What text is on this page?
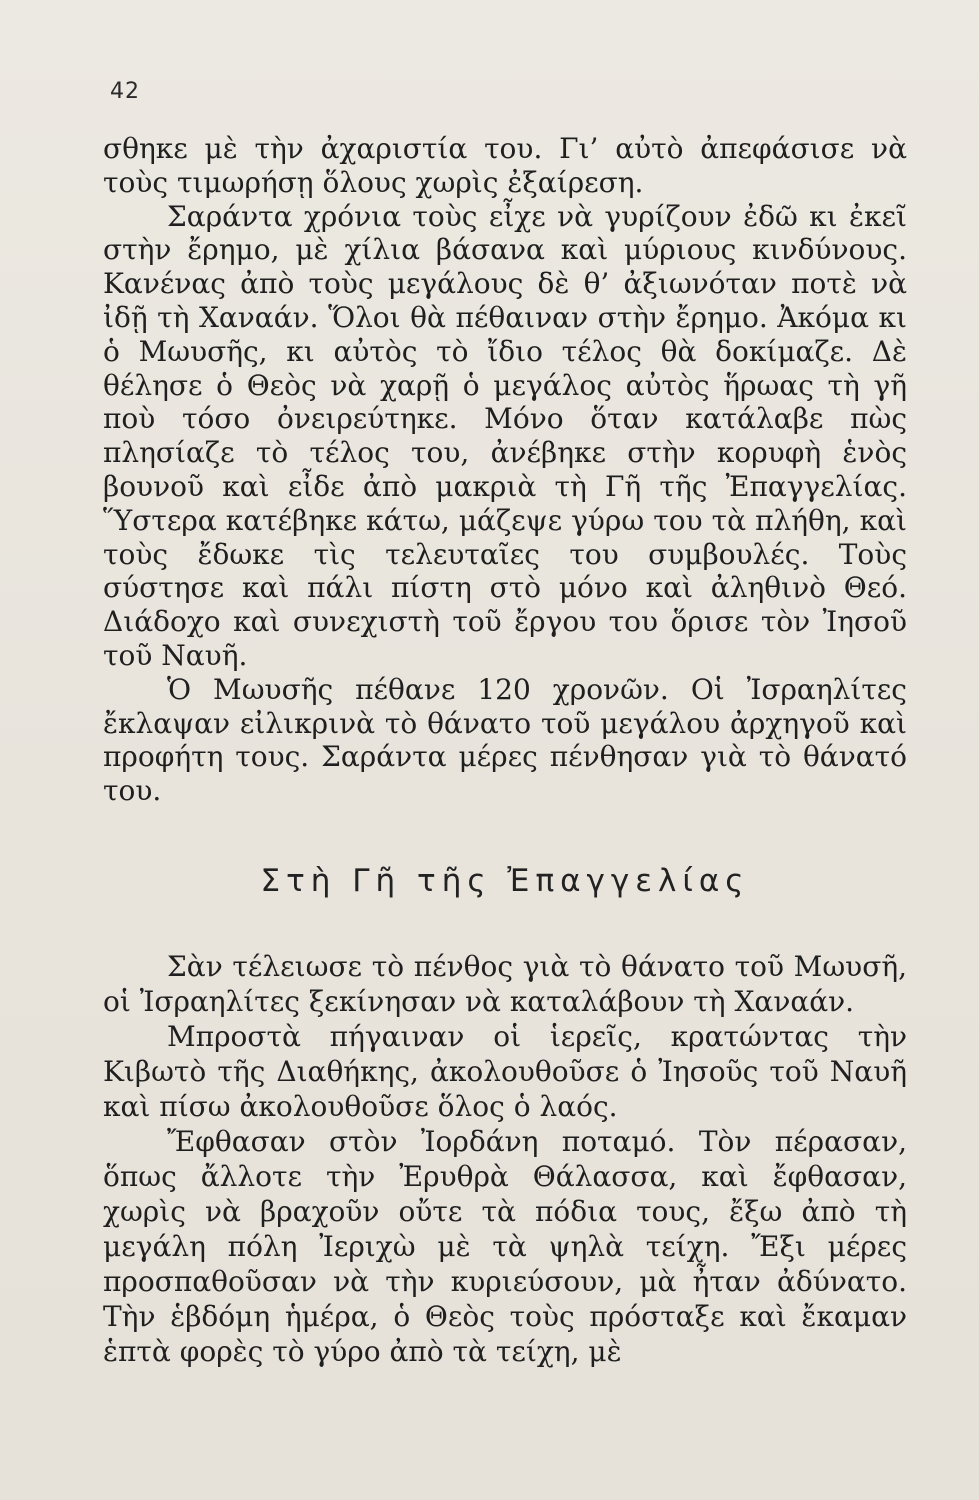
42

σθηκε μὲ τὴν ἀχαριστία του. Γι’ αὐτὸ ἀπεφάσισε νὰ τοὺς τιμωρήσῃ ὅλους χωρὶς ἐξαίρεση.

Σαράντα χρόνια τοὺς εἶχε νὰ γυρίζουν ἐδῶ κι ἐκεῖ στὴν ἔρημο, μὲ χίλια βάσανα καὶ μύριους κινδύνους. Κανένας ἀπὸ τοὺς μεγάλους δὲ θ’ ἀξιωνόταν ποτὲ νὰ ἰδῇ τὴ Χαναάν. Ὅλοι θὰ πέθαιναν στὴν ἔρημο. Ἀκόμα κι ὁ Μωυσῆς, κι αὐτὸς τὸ ἴδιο τέλος θὰ δοκίμαζε. Δὲ θέλησε ὁ Θεὸς νὰ χαρῇ ὁ μεγάλος αὐτὸς ἥρωας τὴ γῆ ποὺ τόσο ὀνειρεύτηκε. Μόνο ὅταν κατάλαβε πὼς πλησίαζε τὸ τέλος του, ἀνέβηκε στὴν κορυφὴ ἑνὸς βουνοῦ καὶ εἶδε ἀπὸ μακριὰ τὴ Γῆ τῆς Ἐπαγγελίας. Ὕστερα κατέβηκε κάτω, μάζεψε γύρω του τὰ πλήθη, καὶ τοὺς ἔδωκε τὶς τελευταῖες του συμβουλές. Τοὺς σύστησε καὶ πάλι πίστη στὸ μόνο καὶ ἀληθινὸ Θεό. Διάδοχο καὶ συνεχιστὴ τοῦ ἔργου του ὅρισε τὸν Ἰησοῦ τοῦ Ναυῆ.

Ὁ Μωυσῆς πέθανε 120 χρονῶν. Οἱ Ἰσραηλίτες ἔκλαψαν εἰλικρινὰ τὸ θάνατο τοῦ μεγάλου ἀρχηγοῦ καὶ προφήτη τους. Σαράντα μέρες πένθησαν γιὰ τὸ θάνατό του.

Στὴ Γῆ τῆς Ἐπαγγελίας

Σὰν τέλειωσε τὸ πένθος γιὰ τὸ θάνατο τοῦ Μωυσῆ, οἱ Ἰσραηλίτες ξεκίνησαν νὰ καταλάβουν τὴ Χαναάν.

Μπροστὰ πήγαιναν οἱ ἱερεῖς, κρατώντας τὴν Κιβωτὸ τῆς Διαθήκης, ἀκολουθοῦσε ὁ Ἰησοῦς τοῦ Ναυῆ καὶ πίσω ἀκολουθοῦσε ὅλος ὁ λαός.

Ἔφθασαν στὸν Ἰορδάνη ποταμό. Τὸν πέρασαν, ὅπως ἄλλοτε τὴν Ἐρυθρὰ Θάλασσα, καὶ ἔφθασαν, χωρὶς νὰ βραχοῦν οὔτε τὰ πόδια τους, ἔξω ἀπὸ τὴ μεγάλη πόλη Ἰεριχὼ μὲ τὰ ψηλὰ τείχη. Ἔξι μέρες προσπαθοῦσαν νὰ τὴν κυριεύσουν, μὰ ἦταν ἀδύνατο. Τὴν ἑβδόμη ἡμέρα, ὁ Θεὸς τοὺς πρόσταξε καὶ ἔκαμαν ἑπτὰ φορὲς τὸ γύρο ἀπὸ τὰ τείχη, μὲ
